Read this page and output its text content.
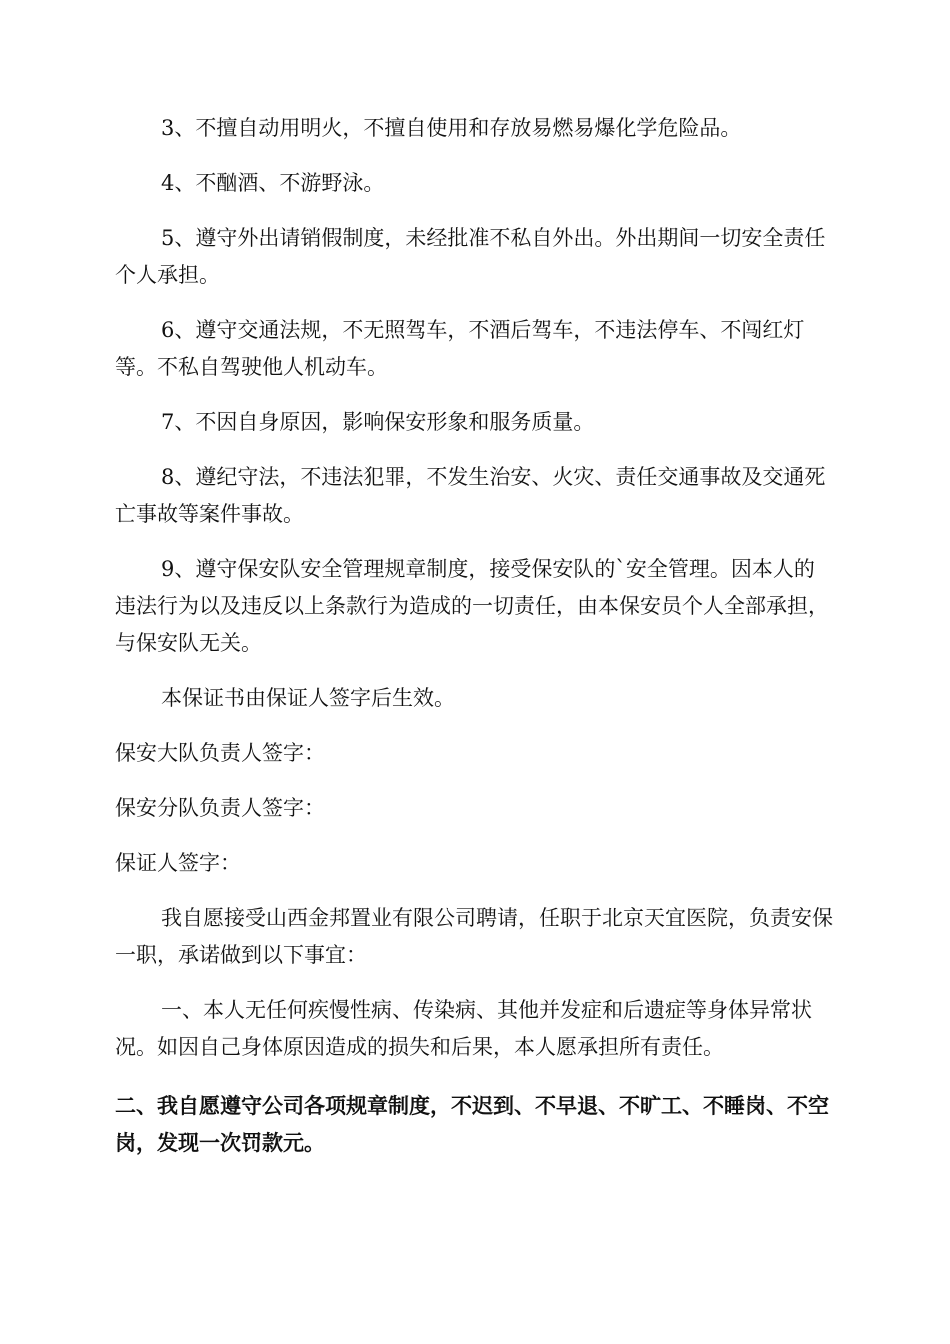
3、不擅自动用明火，不擅自使用和存放易燃易爆化学危险品。

4、不酗酒、不游野泳。

5、遵守外出请销假制度，未经批准不私自外出。外出期间一切安全责任个人承担。

6、遵守交通法规，不无照驾车，不酒后驾车，不违法停车、不闯红灯等。不私自驾驶他人机动车。

7、不因自身原因，影响保安形象和服务质量。

8、遵纪守法，不违法犯罪，不发生治安、火灾、责任交通事故及交通死亡事故等案件事故。

9、遵守保安队安全管理规章制度，接受保安队的`安全管理。因本人的违法行为以及违反以上条款行为造成的一切责任，由本保安员个人全部承担，与保安队无关。

本保证书由保证人签字后生效。

保安大队负责人签字：

保安分队负责人签字：

保证人签字：

我自愿接受山西金邦置业有限公司聘请，任职于北京天宜医院，负责安保一职，承诺做到以下事宜：

一、本人无任何疾慢性病、传染病、其他并发症和后遗症等身体异常状况。如因自己身体原因造成的损失和后果，本人愿承担所有责任。

二、我自愿遵守公司各项规章制度，不迟到、不早退、不旷工、不睡岗、不空岗，发现一次罚款元。
